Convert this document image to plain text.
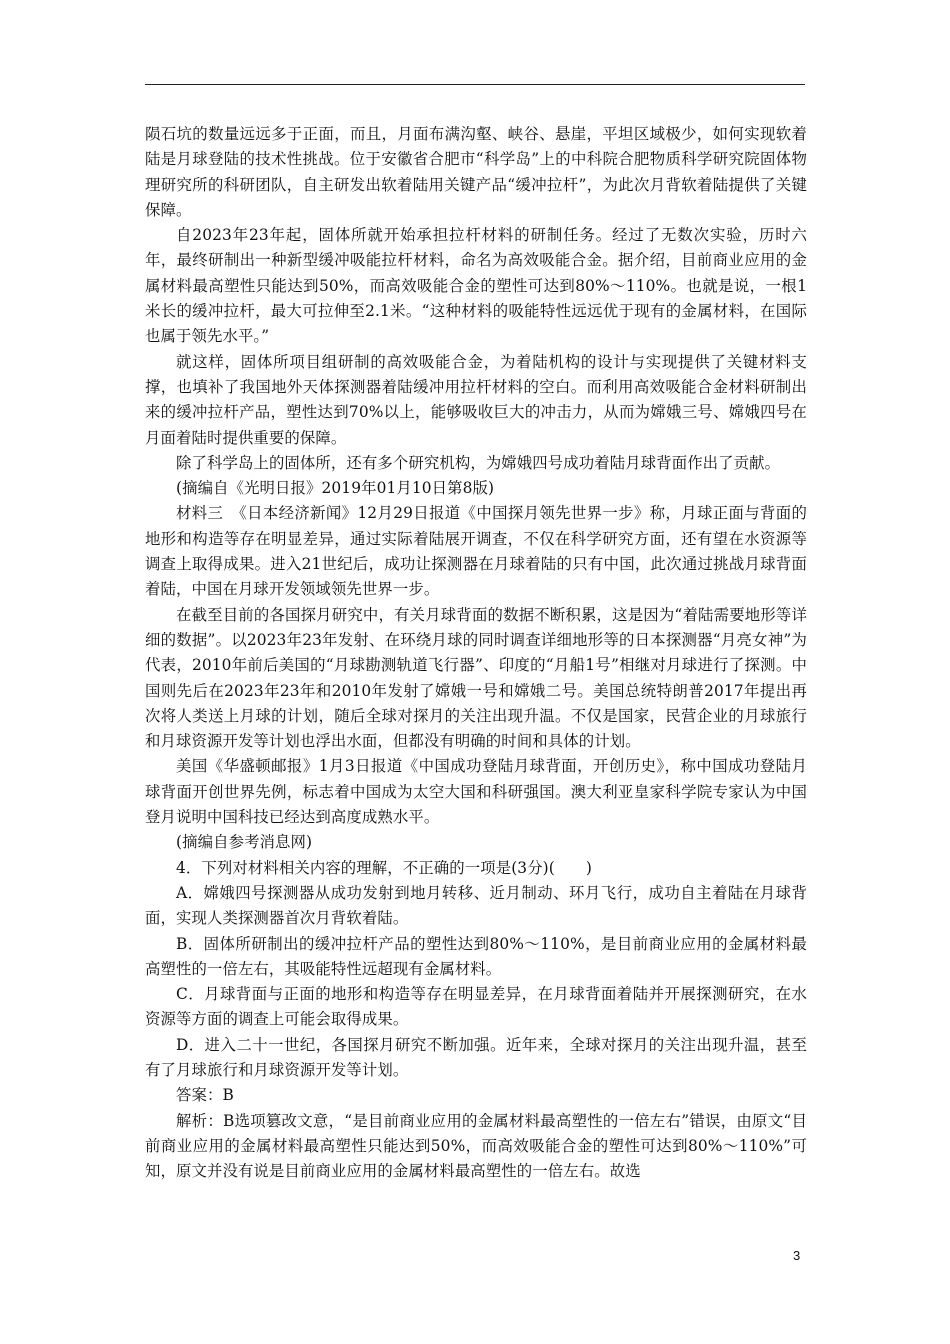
陨石坑的数量远远多于正面，而且，月面布满沟壑、峡谷、悬崖，平坦区域极少，如何实现软着陆是月球登陆的技术性挑战。位于安徽省合肥市“科学岛”上的中科院合肥物质科学研究院固体物理研究所的科研团队，自主研发出软着陆用关键产品“缓冲拉杆”，为此次月背软着陆提供了关键保障。

自2023年23年起，固体所就开始承担拉杆材料的研制任务。经过了无数次实验，历时六年，最终研制出一种新型缓冲吸能拉杆材料，命名为高效吸能合金。据介绍，目前商业应用的金属材料最高塑性只能达到50%，而高效吸能合金的塑性可达到80%～110%。也就是说，一根1米长的缓冲拉杆，最大可拉伸至2.1米。“这种材料的吸能特性远远优于现有的金属材料，在国际也属于领先水平。”

就这样，固体所项目组研制的高效吸能合金，为着陆机构的设计与实现提供了关键材料支撑，也填补了我国地外天体探测器着陆缓冲用拉杆材料的空白。而利用高效吸能合金材料研制出来的缓冲拉杆产品，塑性达到70%以上，能够吸收巨大的冲击力，从而为嫦娥三号、嫦娥四号在月面着陆时提供重要的保障。

除了科学岛上的固体所，还有多个研究机构，为嫦娥四号成功着陆月球背面作出了贡献。

(摘编自《光明日报》2019年01月10日第8版)

材料三　《日本经济新闻》12月29日报道《中国探月领先世界一步》称，月球正面与背面的地形和构造等存在明显差异，通过实际着陆展开调查，不仅在科学研究方面，还有望在水资源等调查上取得成果。进入21世纪后，成功让探测器在月球着陆的只有中国，此次通过挑战月球背面着陆，中国在月球开发领域领先世界一步。

在截至目前的各国探月研究中，有关月球背面的数据不断积累，这是因为“着陆需要地形等详细的数据”。以2023年23年发射、在环绕月球的同时调查详细地形等的日本探测器“月亮女神”为代表，2010年前后美国的“月球勘测轨道飞行器”、印度的“月船1号”相继对月球进行了探测。中国则先后在2023年23年和2010年发射了嫦娥一号和嫦娥二号。美国总统特朗普2017年提出再次将人类送上月球的计划，随后全球对探月的关注出现升温。不仅是国家，民营企业的月球旅行和月球资源开发等计划也浮出水面，但都没有明确的时间和具体的计划。

美国《华盛顿邮报》1月3日报道《中国成功登陆月球背面，开创历史》，称中国成功登陆月球背面开创世界先例，标志着中国成为太空大国和科研强国。澳大利亚皇家科学院专家认为中国登月说明中国科技已经达到高度成熟水平。

(摘编自参考消息网)

4．下列对材料相关内容的理解，不正确的一项是(3分)(　　)

A．嫦娥四号探测器从成功发射到地月转移、近月制动、环月飞行，成功自主着陆在月球背面，实现人类探测器首次月背软着陆。

B．固体所研制出的缓冲拉杆产品的塑性达到80%～110%，是目前商业应用的金属材料最高塑性的一倍左右，其吸能特性远超现有金属材料。

C．月球背面与正面的地形和构造等存在明显差异，在月球背面着陆并开展探测研究，在水资源等方面的调查上可能会取得成果。

D．进入二十一世纪，各国探月研究不断加强。近年来，全球对探月的关注出现升温，甚至有了月球旅行和月球资源开发等计划。

答案：B

解析：B选项篡改文意，“是目前商业应用的金属材料最高塑性的一倍左右”错误，由原文“目前商业应用的金属材料最高塑性只能达到50%，而高效吸能合金的塑性可达到80%～110%”可知，原文并没有说是目前商业应用的金属材料最高塑性的一倍左右。故选

3
